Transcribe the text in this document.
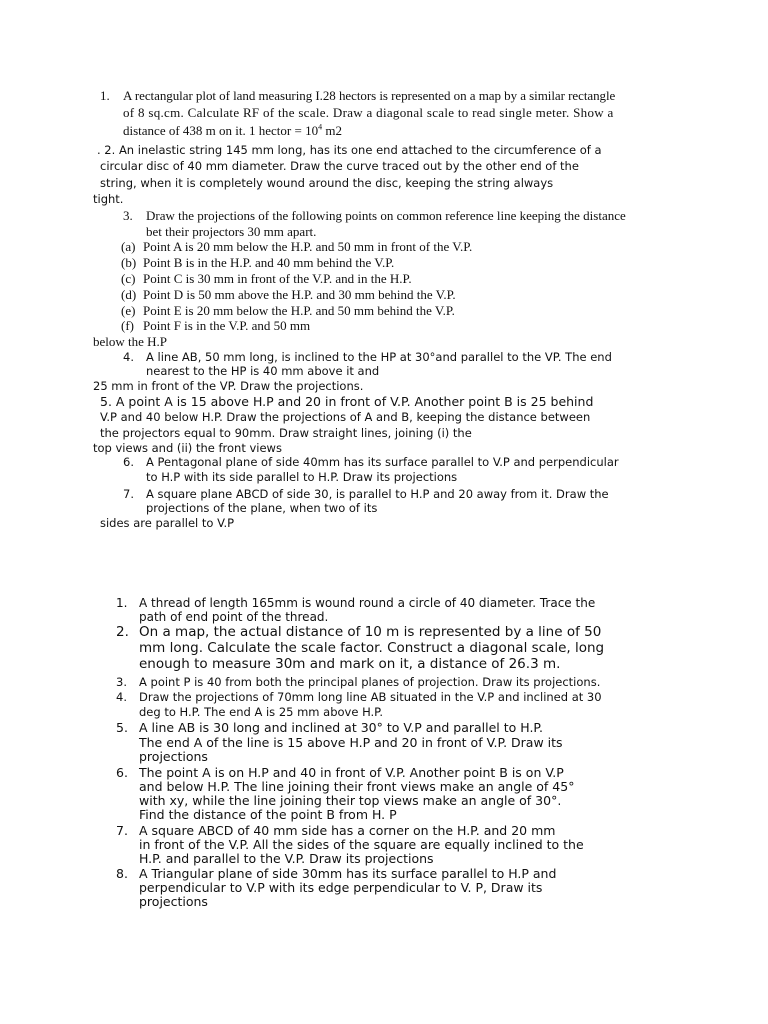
1. A rectangular plot of land measuring I.28 hectors is represented on a map by a similar rectangle
of 8 sq.cm. Calculate RF of the scale. Draw a diagonal scale to read single meter. Show a
distance of 438 m on it. 1 hector = $10^4$ m2
. 2. An inelastic string 145 mm long, has its one end attached to the circumference of a
circular disc of 40 mm diameter. Draw the curve traced out by the other end of the
string, when it is completely wound around the disc, keeping the string always
tight.
3. Draw the projections of the following points on common reference line keeping the distance
bet their projectors 30 mm apart.
(a) Point A is 20 mm below the H.P. and 50 mm in front of the V.P.
(b) Point B is in the H.P. and 40 mm behind the V.P.
(c) Point C is 30 mm in front of the V.P. and in the H.P.
(d) Point D is 50 mm above the H.P. and 30 mm behind the V.P.
(e) Point E is 20 mm below the H.P. and 50 mm behind the V.P.
(f) Point F is in the V.P. and 50 mm
below the H.P
4. A line AB, 50 mm long, is inclined to the HP at 30°and parallel to the VP. The end
nearest to the HP is 40 mm above it and
25 mm in front of the VP. Draw the projections.
5. A point A is 15 above H.P and 20 in front of V.P. Another point B is 25 behind
V.P and 40 below H.P. Draw the projections of A and B, keeping the distance between
the projectors equal to 90mm. Draw straight lines, joining (i) the
top views and (ii) the front views
6. A Pentagonal plane of side 40mm has its surface parallel to V.P and perpendicular
to H.P with its side parallel to H.P. Draw its projections
7. A square plane ABCD of side 30, is parallel to H.P and 20 away from it. Draw the
projections of the plane, when two of its
sides are parallel to V.P
1. A thread of length 165mm is wound round a circle of 40 diameter. Trace the
path of end point of the thread.
2. On a map, the actual distance of 10 m is represented by a line of 50
mm long. Calculate the scale factor. Construct a diagonal scale, long
enough to measure 30m and mark on it, a distance of 26.3 m.
3. A point P is 40 from both the principal planes of projection. Draw its projections.
4. Draw the projections of 70mm long line AB situated in the V.P and inclined at 30
deg to H.P. The end A is 25 mm above H.P.
5. A line AB is 30 long and inclined at 30° to V.P and parallel to H.P.
The end A of the line is 15 above H.P and 20 in front of V.P. Draw its
projections
6. The point A is on H.P and 40 in front of V.P. Another point B is on V.P
and below H.P. The line joining their front views make an angle of 45°
with xy, while the line joining their top views make an angle of 30°.
Find the distance of the point B from H. P
7. A square ABCD of 40 mm side has a corner on the H.P. and 20 mm
in front of the V.P. All the sides of the square are equally inclined to the
H.P. and parallel to the V.P. Draw its projections
8. A Triangular plane of side 30mm has its surface parallel to H.P and
perpendicular to V.P with its edge perpendicular to V. P, Draw its
projections
